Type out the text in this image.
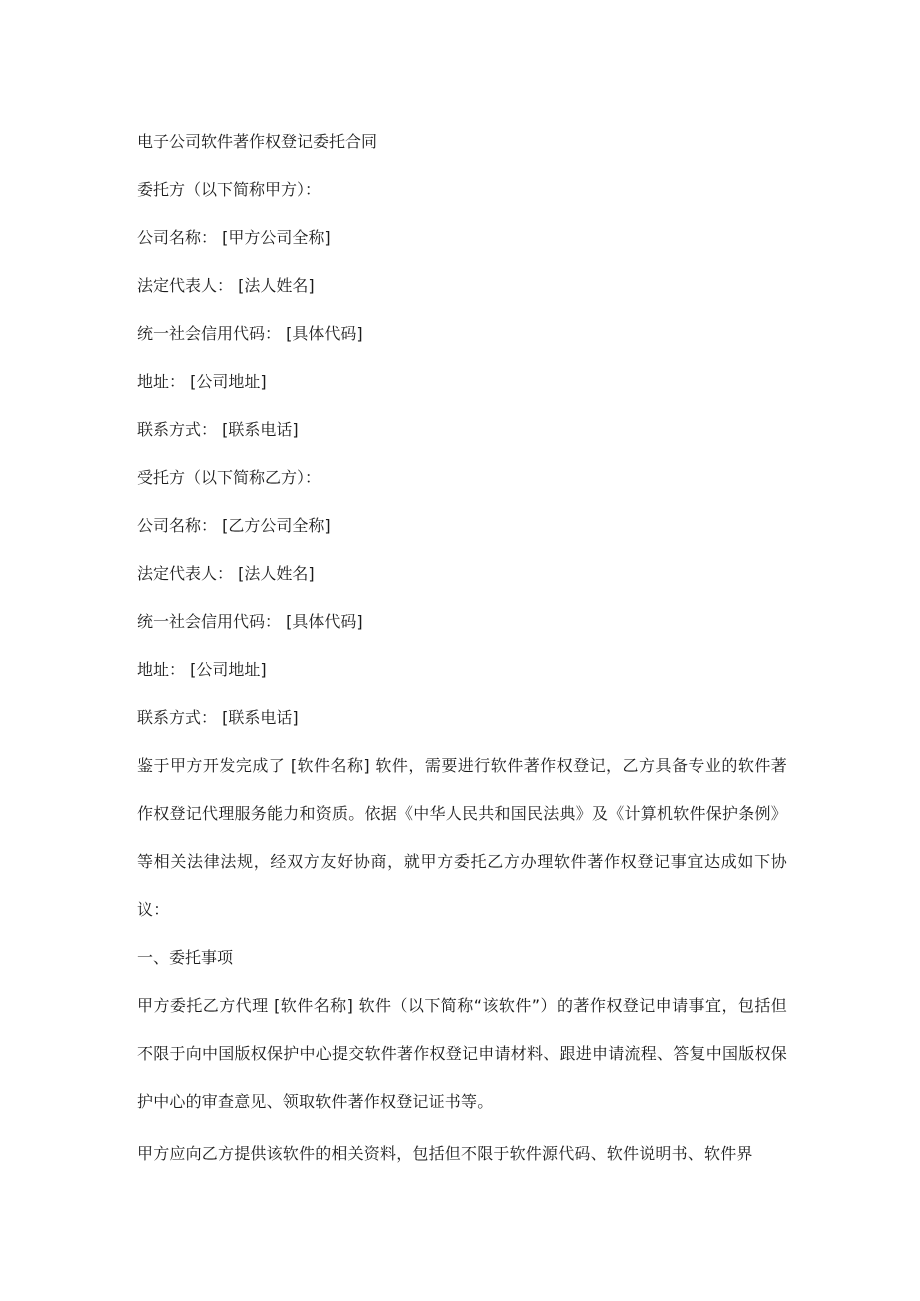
电子公司软件著作权登记委托合同

委托方（以下简称甲方）：

公司名称： [甲方公司全称]

法定代表人： [法人姓名]

统一社会信用代码： [具体代码]

地址： [公司地址]

联系方式： [联系电话]

受托方（以下简称乙方）：

公司名称： [乙方公司全称]

法定代表人： [法人姓名]

统一社会信用代码： [具体代码]

地址： [公司地址]

联系方式： [联系电话]

鉴于甲方开发完成了 [软件名称] 软件，需要进行软件著作权登记，乙方具备专业的软件著作权登记代理服务能力和资质。依据《中华人民共和国民法典》及《计算机软件保护条例》等相关法律法规，经双方友好协商，就甲方委托乙方办理软件著作权登记事宜达成如下协议：

一、委托事项

甲方委托乙方代理 [软件名称] 软件（以下简称“该软件”）的著作权登记申请事宜，包括但不限于向中国版权保护中心提交软件著作权登记申请材料、跟进申请流程、答复中国版权保护中心的审查意见、领取软件著作权登记证书等。

甲方应向乙方提供该软件的相关资料，包括但不限于软件源代码、软件说明书、软件界
